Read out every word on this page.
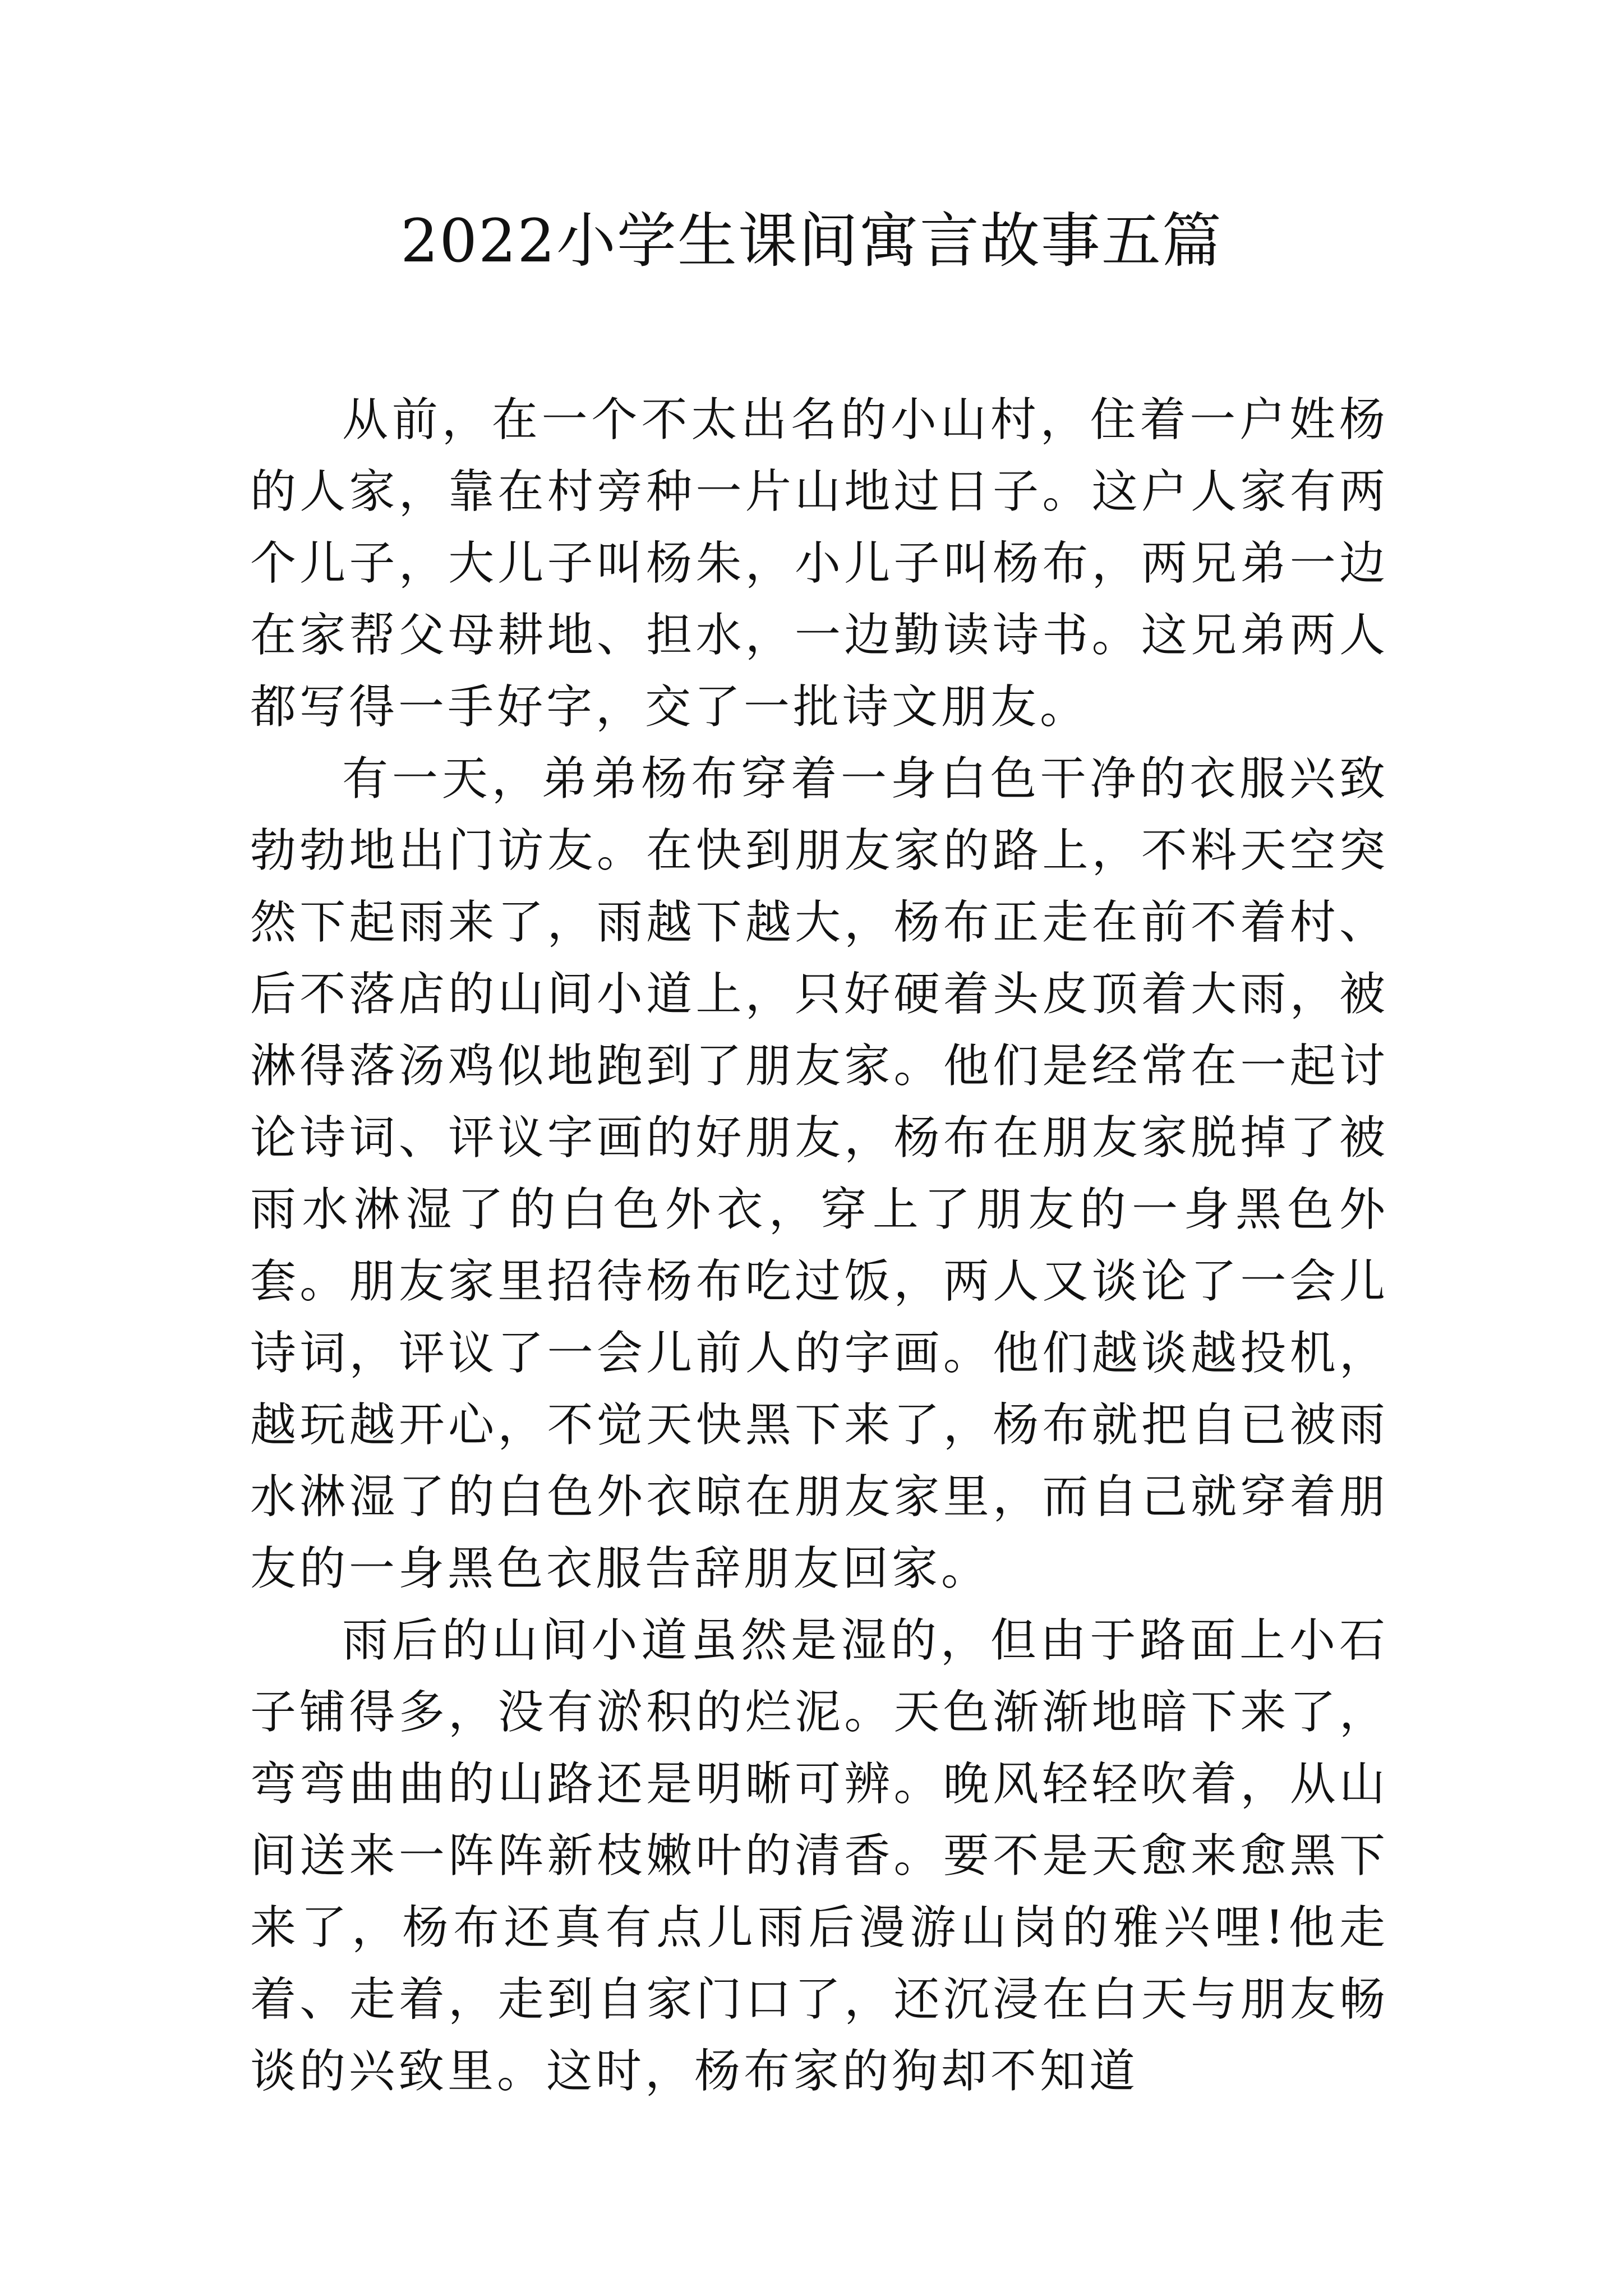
2022小学生课间寓言故事五篇

从前，在一个不太出名的小山村，住着一户姓杨的人家，靠在村旁种一片山地过日子。这户人家有两个儿子，大儿子叫杨朱，小儿子叫杨布，两兄弟一边在家帮父母耕地、担水，一边勤读诗书。这兄弟两人都写得一手好字，交了一批诗文朋友。

有一天，弟弟杨布穿着一身白色干净的衣服兴致勃勃地出门访友。在快到朋友家的路上，不料天空突然下起雨来了，雨越下越大，杨布正走在前不着村、后不落店的山间小道上，只好硬着头皮顶着大雨，被淋得落汤鸡似地跑到了朋友家。他们是经常在一起讨论诗词、评议字画的好朋友，杨布在朋友家脱掉了被雨水淋湿了的白色外衣，穿上了朋友的一身黑色外套。朋友家里招待杨布吃过饭，两人又谈论了一会儿诗词，评议了一会儿前人的字画。他们越谈越投机，越玩越开心，不觉天快黑下来了，杨布就把自已被雨水淋湿了的白色外衣晾在朋友家里，而自己就穿着朋友的一身黑色衣服告辞朋友回家。

雨后的山间小道虽然是湿的，但由于路面上小石子铺得多，没有淤积的烂泥。天色渐渐地暗下来了，弯弯曲曲的山路还是明晰可辨。晚风轻轻吹着，从山间送来一阵阵新枝嫩叶的清香。要不是天愈来愈黑下来了，杨布还真有点儿雨后漫游山岗的雅兴哩!他走着、走着，走到自家门口了，还沉浸在白天与朋友畅谈的兴致里。这时，杨布家的狗却不知道
